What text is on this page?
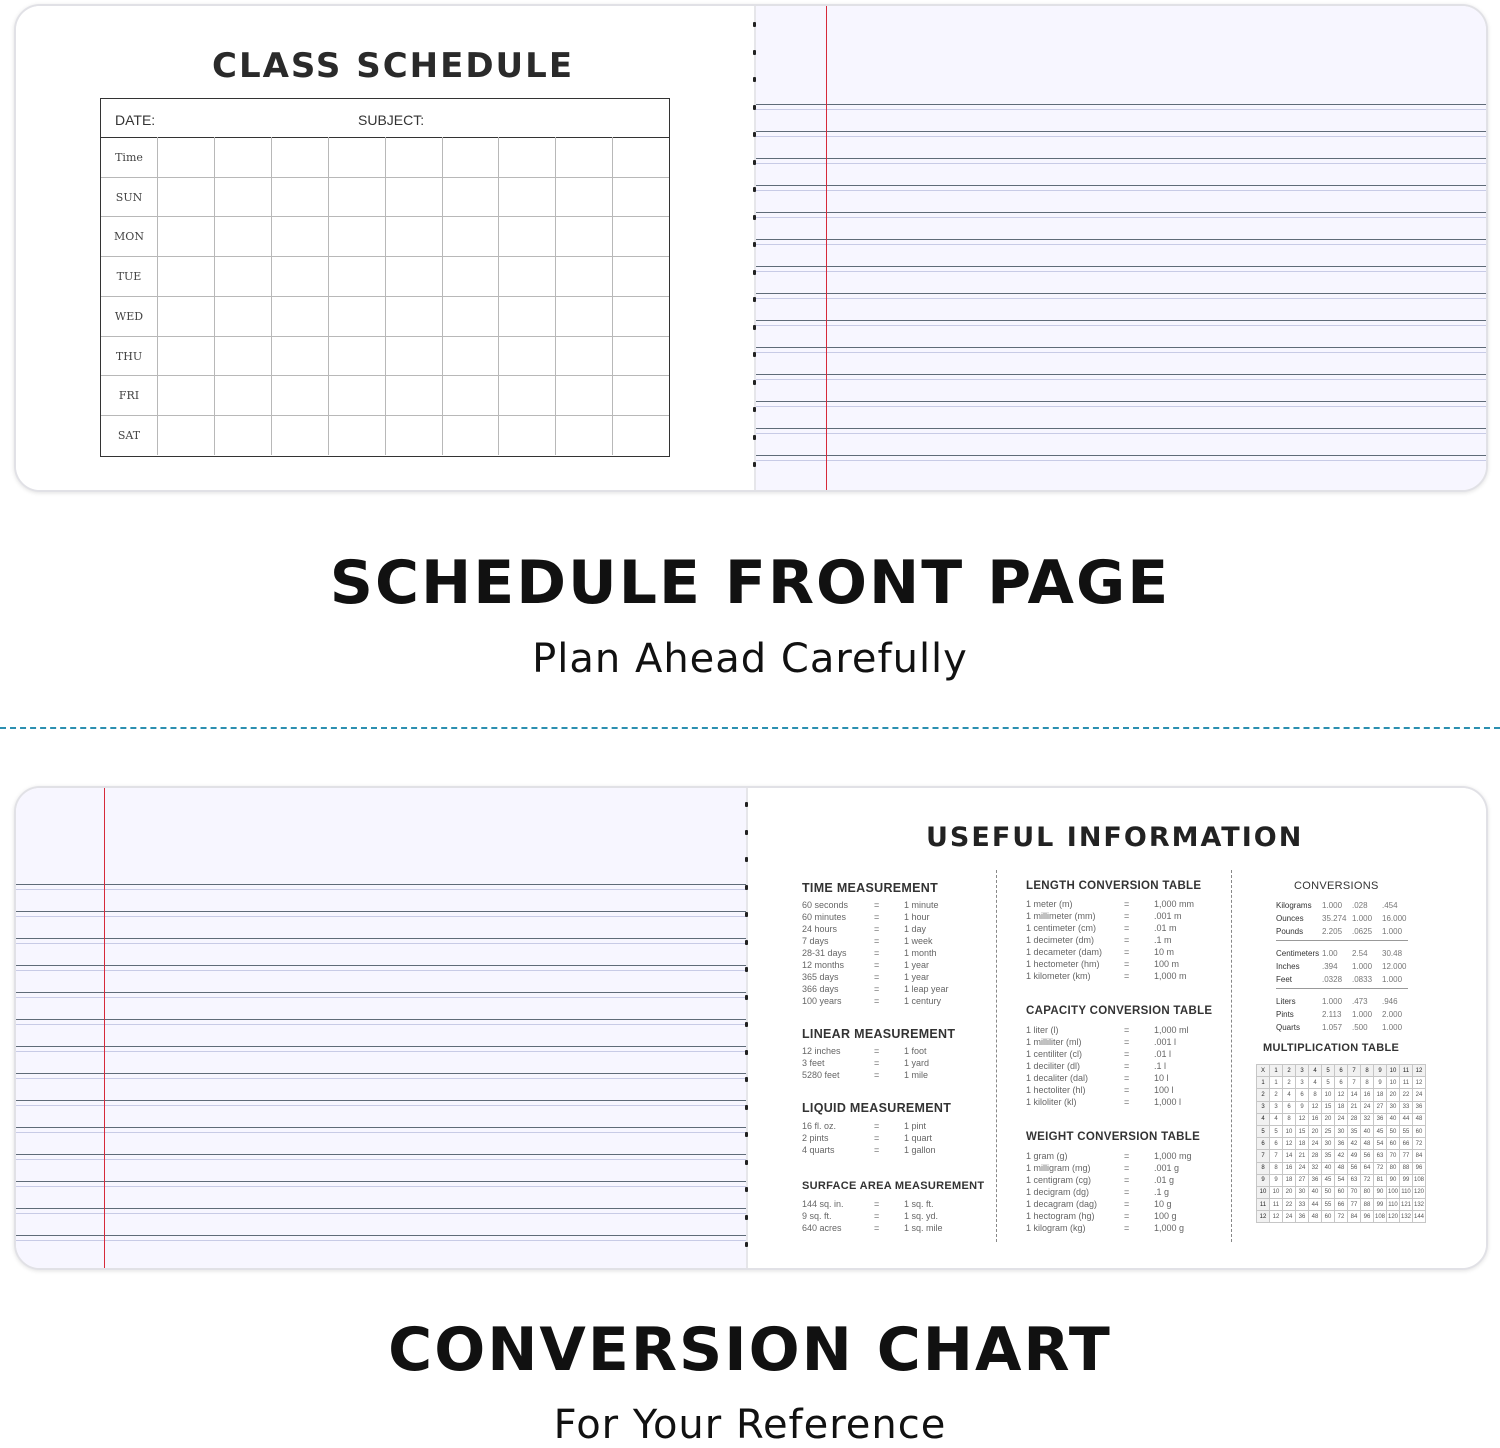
CLASS SCHEDULE
DATE:	SUBJECT:
Time
SUN
MON
TUE
WED
THU
FRI
SAT
SCHEDULE FRONT PAGE
Plan Ahead Carefully
USEFUL INFORMATION
TIME MEASUREMENT
60 seconds	=	1 minute
60 minutes	=	1 hour
24 hours	=	1 day
7 days	=	1 week
28-31 days	=	1 month
12 months	=	1 year
365 days	=	1 year
366 days	=	1 leap year
100 years	=	1 century
LINEAR MEASUREMENT
12 inches	=	1 foot
3 feet	=	1 yard
5280 feet	=	1 mile
LIQUID MEASUREMENT
16 fl. oz.	=	1 pint
2 pints	=	1 quart
4 quarts	=	1 gallon
SURFACE AREA MEASUREMENT
144 sq. in.	=	1 sq. ft.
9 sq. ft.	=	1 sq. yd.
640 acres	=	1 sq. mile
LENGTH CONVERSION TABLE
1 meter (m)	=	1,000 mm
1 millimeter (mm)	=	.001 m
1 centimeter (cm)	=	.01 m
1 decimeter (dm)	=	.1 m
1 decameter (dam)	=	10 m
1 hectometer (hm)	=	100 m
1 kilometer (km)	=	1,000 m
CAPACITY CONVERSION TABLE
1 liter (l)	=	1,000 ml
1 milliliter (ml)	=	.001 l
1 centiliter (cl)	=	.01 l
1 deciliter (dl)	=	.1 l
1 decaliter (dal)	=	10 l
1 hectoliter (hl)	=	100 l
1 kiloliter (kl)	=	1,000 l
WEIGHT CONVERSION TABLE
1 gram (g)	=	1,000 mg
1 milligram (mg)	=	.001 g
1 centigram (cg)	=	.01 g
1 decigram (dg)	=	.1 g
1 decagram (dag)	=	10 g
1 hectogram (hg)	=	100 g
1 kilogram (kg)	=	1,000 g
CONVERSIONS
Kilograms	1.000	.028	.454
Ounces	35.274 1.000	16.000
Pounds	2.205	.0625	1.000
Centimeters 1.00	2.54	30.48
Inches	.394	1.000	12.000
Feet	.0328	.0833	1.000
Liters	1.000	.473	.946
Pints	2.113	1.000	2.000
Quarts	1.057	.500	1.000
MULTIPLICATION TABLE
X	1	2	3	4	5	6	7	8	9	10	11	12
1	1	2	3	4	5	6	7	8	9	10	11	12
2	2	4	6	8	10	12	14	16	18	20	22	24
3	3	6	9	12	15	18	21	24	27	30	33	36
4	4	8	12	16	20	24	28	32	36	40	44	48
5	5	10	15	20	25	30	35	40	45	50	55	60
6	6	12	18	24	30	36	42	48	54	60	66	72
7	7	14	21	28	35	42	49	56	63	70	77	84
8	8	16	24	32	40	48	56	64	72	80	88	96
9	9	18	27	36	45	54	63	72	81	90	99	108
10	10	20	30	40	50	60	70	80	90	100	110	120
11	11	22	33	44	55	66	77	88	99	110	121	132
12	12	24	36	48	60	72	84	96	108	120	132	144
CONVERSION CHART
For Your Reference
